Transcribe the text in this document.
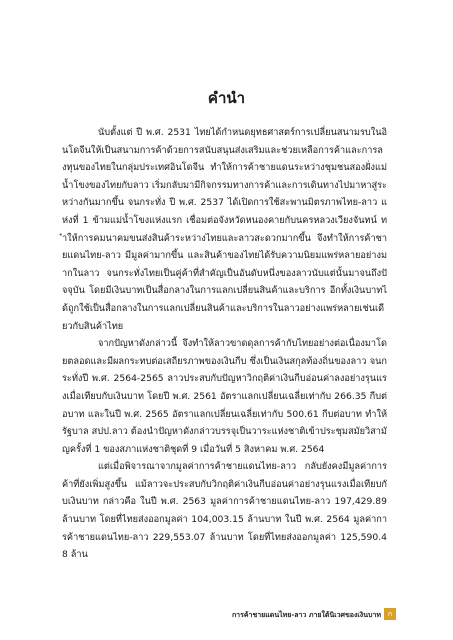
คำนำ

นับตั้งแต่ ปี พ.ศ. 2531 ไทยได้กำหนดยุทธศาสตร์การเปลี่ยนสนามรบในอินโดจีนให้เป็นสนามการค้าด้วยการสนับสนุนส่งเสริมและช่วยเหลือการค้าและการลงทุนของไทยในกลุ่มประเทศอินโดจีน ทำให้การค้าชายแดนระหว่างชุมชนสองฝั่งแม่น้ำโขงของไทยกับลาว เริ่มกลับมามีกิจกรรมทางการค้าและการเดินทางไปมาหาสู่ระหว่างกันมากขึ้น จนกระทั่ง ปี พ.ศ. 2537 ได้เปิดการใช้สะพานมิตรภาพไทย-ลาว แห่งที่ 1 ข้ามแม่น้ำโขงแห่งแรก เชื่อมต่อจังหวัดหนองคายกับนครหลวงเวียงจันทน์ ทำให้การคมนาคมขนส่งสินค้าระหว่างไทยและลาวสะดวกมากขึ้น จึงทำให้การค้าชายแดนไทย-ลาว มีมูลค่ามากขึ้น และสินค้าของไทยได้รับความนิยมแพร่หลายอย่างมากในลาว จนกระทั่งไทยเป็นคู่ค้าที่สำคัญเป็นอันดับหนึ่งของลาวนับแต่นั้นมาจนถึงปัจจุบัน โดยมีเงินบาทเป็นสื่อกลางในการแลกเปลี่ยนสินค้าและบริการ อีกทั้งเงินบาทได้ถูกใช้เป็นสื่อกลางในการแลกเปลี่ยนสินค้าและบริการในลาวอย่างแพร่หลายเช่นเดียวกับสินค้าไทย

จากปัญหาดังกล่าวนี้ จึงทำให้ลาวขาดดุลการค้ากับไทยอย่างต่อเนื่องมาโดยตลอดและมีผลกระทบต่อเสถียรภาพของเงินกีบ ซึ่งเป็นเงินสกุลท้องถิ่นของลาว จนกระทั่งปี พ.ศ. 2564-2565 ลาวประสบกับปัญหาวิกฤติค่าเงินกีบอ่อนค่าลงอย่างรุนแรงเมื่อเทียบกับเงินบาท โดยปี พ.ศ. 2561 อัตราแลกเปลี่ยนเฉลี่ยเท่ากับ 266.35 กีบต่อบาท และในปี พ.ศ. 2565 อัตราแลกเปลี่ยนเฉลี่ยเท่ากับ 500.61 กีบต่อบาท ทำให้รัฐบาล สปป.ลาว ต้องนำปัญหาดังกล่าวบรรจุเป็นวาระแห่งชาติเข้าประชุมสมัยวิสามัญครั้งที่ 1 ของสภาแห่งชาติชุดที่ 9 เมื่อวันที่ 5 สิงหาคม พ.ศ. 2564

แต่เมื่อพิจารณาจากมูลค่าการค้าชายแดนไทย-ลาว กลับยังคงมีมูลค่าการค้าที่ยังเพิ่มสูงขึ้น แม้ลาวจะประสบกับวิกฤติค่าเงินกีบอ่อนค่าอย่างรุนแรงเมื่อเทียบกับเงินบาท กล่าวคือ ในปี พ.ศ. 2563 มูลค่าการค้าชายแดนไทย-ลาว 197,429.89 ล้านบาท โดยที่ไทยส่งออกมูลค่า 104,003.15 ล้านบาท ในปี พ.ศ. 2564 มูลค่าการค้าชายแดนไทย-ลาว 229,553.07 ล้านบาท โดยที่ไทยส่งออกมูลค่า 125,590.48 ล้าน

การค้าชายแดนไทย-ลาว ภายใต้นิเวศของเงินบาท ก
